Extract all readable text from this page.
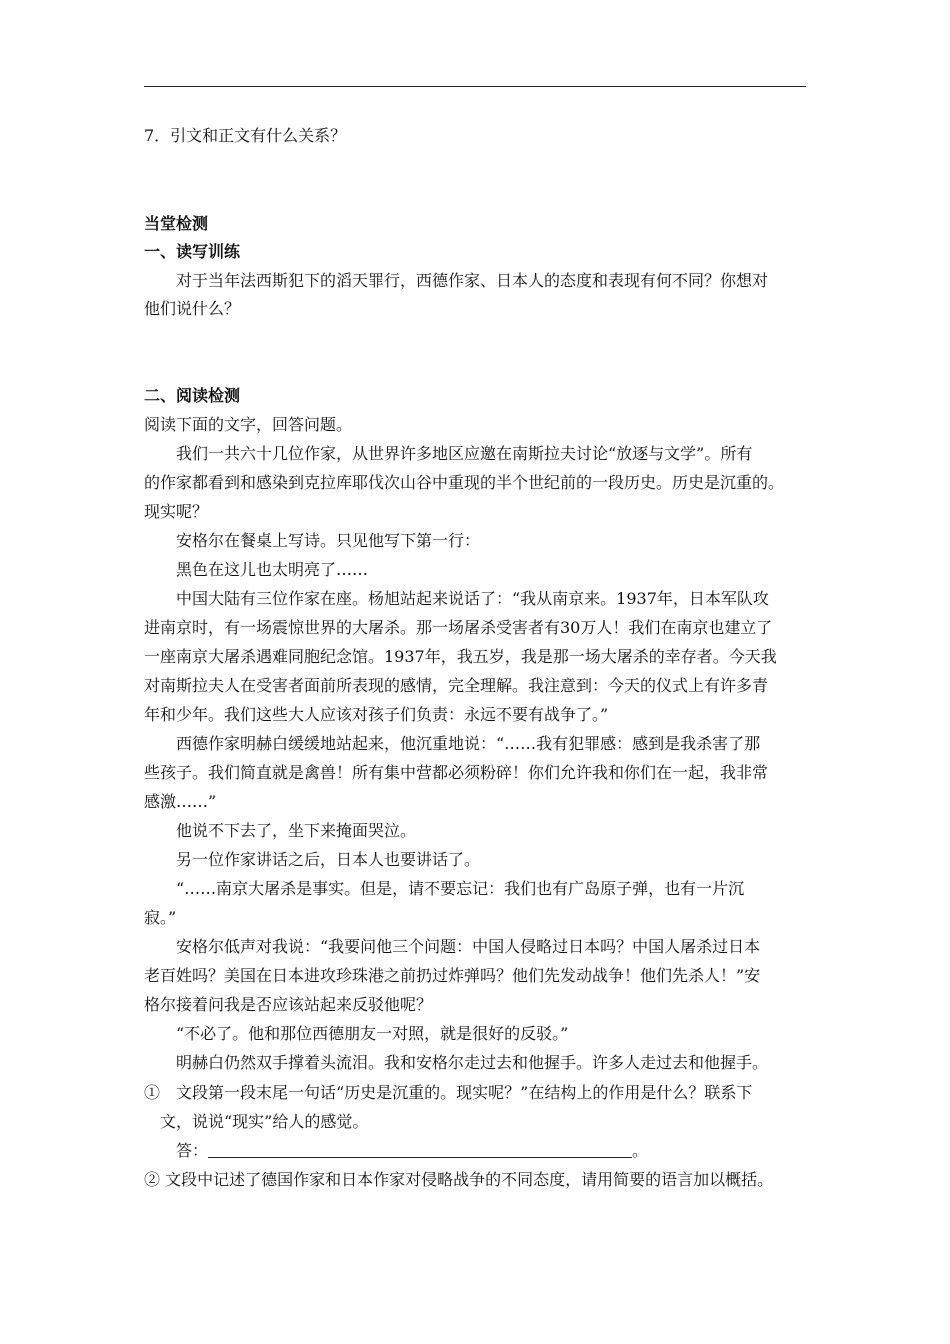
7．引文和正文有什么关系？
当堂检测
一、读写训练
对于当年法西斯犯下的滔天罪行，西德作家、日本人的态度和表现有何不同？你想对
他们说什么？
二、阅读检测
阅读下面的文字，回答问题。
我们一共六十几位作家，从世界许多地区应邀在南斯拉夫讨论“放逐与文学”。所有
的作家都看到和感染到克拉库耶伐次山谷中重现的半个世纪前的一段历史。历史是沉重的。
现实呢？
安格尔在餐桌上写诗。只见他写下第一行：
黑色在这儿也太明亮了……
中国大陆有三位作家在座。杨旭站起来说话了：“我从南京来。1937年，日本军队攻
进南京时，有一场震惊世界的大屠杀。那一场屠杀受害者有30万人！我们在南京也建立了
一座南京大屠杀遇难同胞纪念馆。1937年，我五岁，我是那一场大屠杀的幸存者。今天我
对南斯拉夫人在受害者面前所表现的感情，完全理解。我注意到：今天的仪式上有许多青
年和少年。我们这些大人应该对孩子们负责：永远不要有战争了。”
西德作家明赫白缓缓地站起来，他沉重地说：“……我有犯罪感：感到是我杀害了那
些孩子。我们简直就是禽兽！所有集中营都必须粉碎！你们允许我和你们在一起，我非常
感激……”
他说不下去了，坐下来掩面哭泣。
另一位作家讲话之后，日本人也要讲话了。
“……南京大屠杀是事实。但是，请不要忘记：我们也有广岛原子弹，也有一片沉
寂。”
安格尔低声对我说：“我要问他三个问题：中国人侵略过日本吗？中国人屠杀过日本
老百姓吗？美国在日本进攻珍珠港之前扔过炸弹吗？他们先发动战争！他们先杀人！”安
格尔接着问我是否应该站起来反驳他呢？
“不必了。他和那位西德朋友一对照，就是很好的反驳。”
明赫白仍然双手撑着头流泪。我和安格尔走过去和他握手。许多人走过去和他握手。
①　文段第一段末尾一句话“历史是沉重的。现实呢？”在结构上的作用是什么？联系下
文，说说“现实”给人的感觉。
答：	。
② 文段中记述了德国作家和日本作家对侵略战争的不同态度，请用简要的语言加以概括。
